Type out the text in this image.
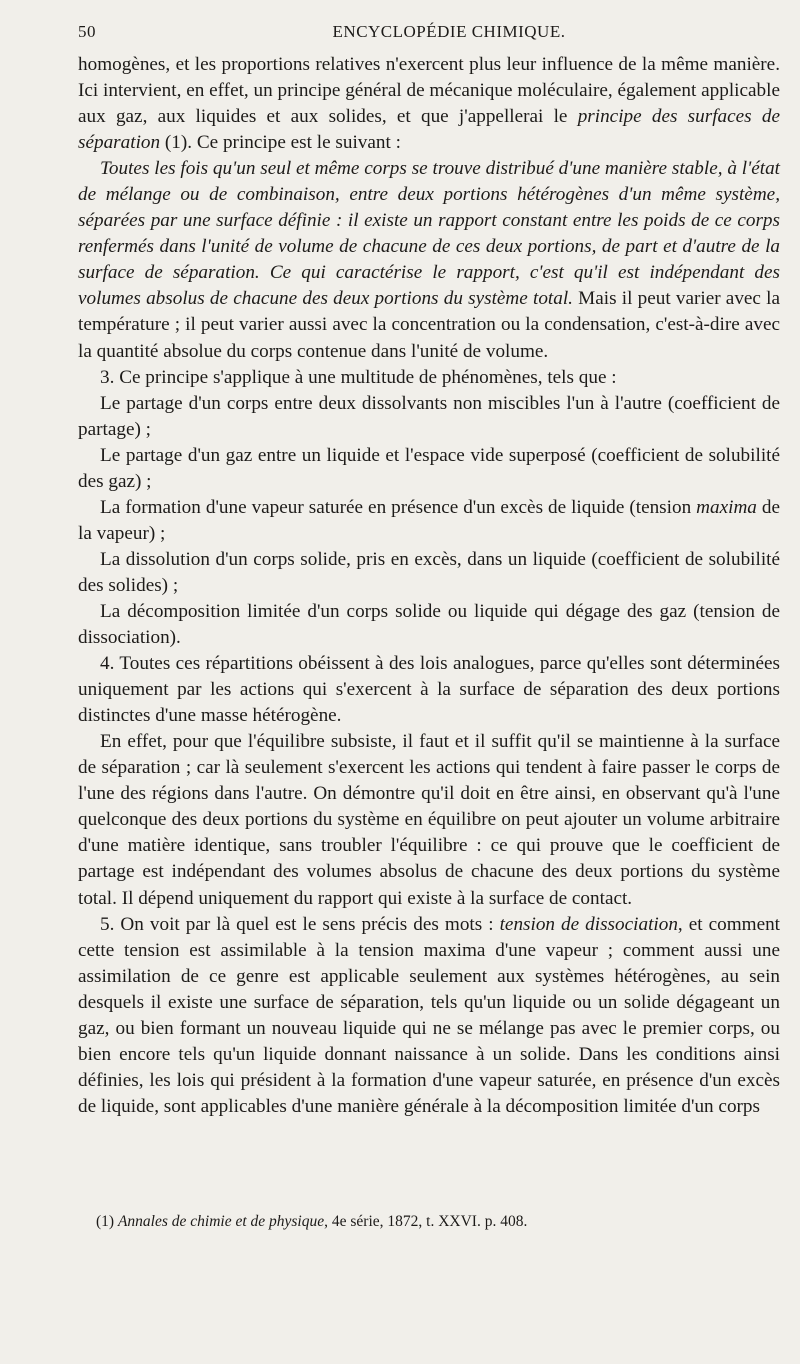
50	ENCYCLOPÉDIE CHIMIQUE.

homogènes, et les proportions relatives n'exercent plus leur influence de la même manière. Ici intervient, en effet, un principe général de mécanique moléculaire, également applicable aux gaz, aux liquides et aux solides, et que j'appellerai le principe des surfaces de séparation (1). Ce principe est le suivant :

Toutes les fois qu'un seul et même corps se trouve distribué d'une manière stable, à l'état de mélange ou de combinaison, entre deux portions hétérogènes d'un même système, séparées par une surface définie : il existe un rapport constant entre les poids de ce corps renfermés dans l'unité de volume de chacune de ces deux portions, de part et d'autre de la surface de séparation. Ce qui caractérise le rapport, c'est qu'il est indépendant des volumes absolus de chacune des deux portions du système total. Mais il peut varier avec la température ; il peut varier aussi avec la concentration ou la condensation, c'est-à-dire avec la quantité absolue du corps contenue dans l'unité de volume.

3. Ce principe s'applique à une multitude de phénomènes, tels que :

Le partage d'un corps entre deux dissolvants non miscibles l'un à l'autre (coefficient de partage) ;

Le partage d'un gaz entre un liquide et l'espace vide superposé (coefficient de solubilité des gaz) ;

La formation d'une vapeur saturée en présence d'un excès de liquide (tension maxima de la vapeur) ;

La dissolution d'un corps solide, pris en excès, dans un liquide (coefficient de solubilité des solides) ;

La décomposition limitée d'un corps solide ou liquide qui dégage des gaz (tension de dissociation).

4. Toutes ces répartitions obéissent à des lois analogues, parce qu'elles sont déterminées uniquement par les actions qui s'exercent à la surface de séparation des deux portions distinctes d'une masse hétérogène.

En effet, pour que l'équilibre subsiste, il faut et il suffit qu'il se maintienne à la surface de séparation ; car là seulement s'exercent les actions qui tendent à faire passer le corps de l'une des régions dans l'autre. On démontre qu'il doit en être ainsi, en observant qu'à l'une quelconque des deux portions du système en équilibre on peut ajouter un volume arbitraire d'une matière identique, sans troubler l'équilibre : ce qui prouve que le coefficient de partage est indépendant des volumes absolus de chacune des deux portions du système total. Il dépend uniquement du rapport qui existe à la surface de contact.

5. On voit par là quel est le sens précis des mots : tension de dissociation, et comment cette tension est assimilable à la tension maxima d'une vapeur ; comment aussi une assimilation de ce genre est applicable seulement aux systèmes hétérogènes, au sein desquels il existe une surface de séparation, tels qu'un liquide ou un solide dégageant un gaz, ou bien formant un nouveau liquide qui ne se mélange pas avec le premier corps, ou bien encore tels qu'un liquide donnant naissance à un solide. Dans les conditions ainsi définies, les lois qui président à la formation d'une vapeur saturée, en présence d'un excès de liquide, sont applicables d'une manière générale à la décomposition limitée d'un corps

(1) Annales de chimie et de physique, 4e série, 1872, t. XXVI. p. 408.
